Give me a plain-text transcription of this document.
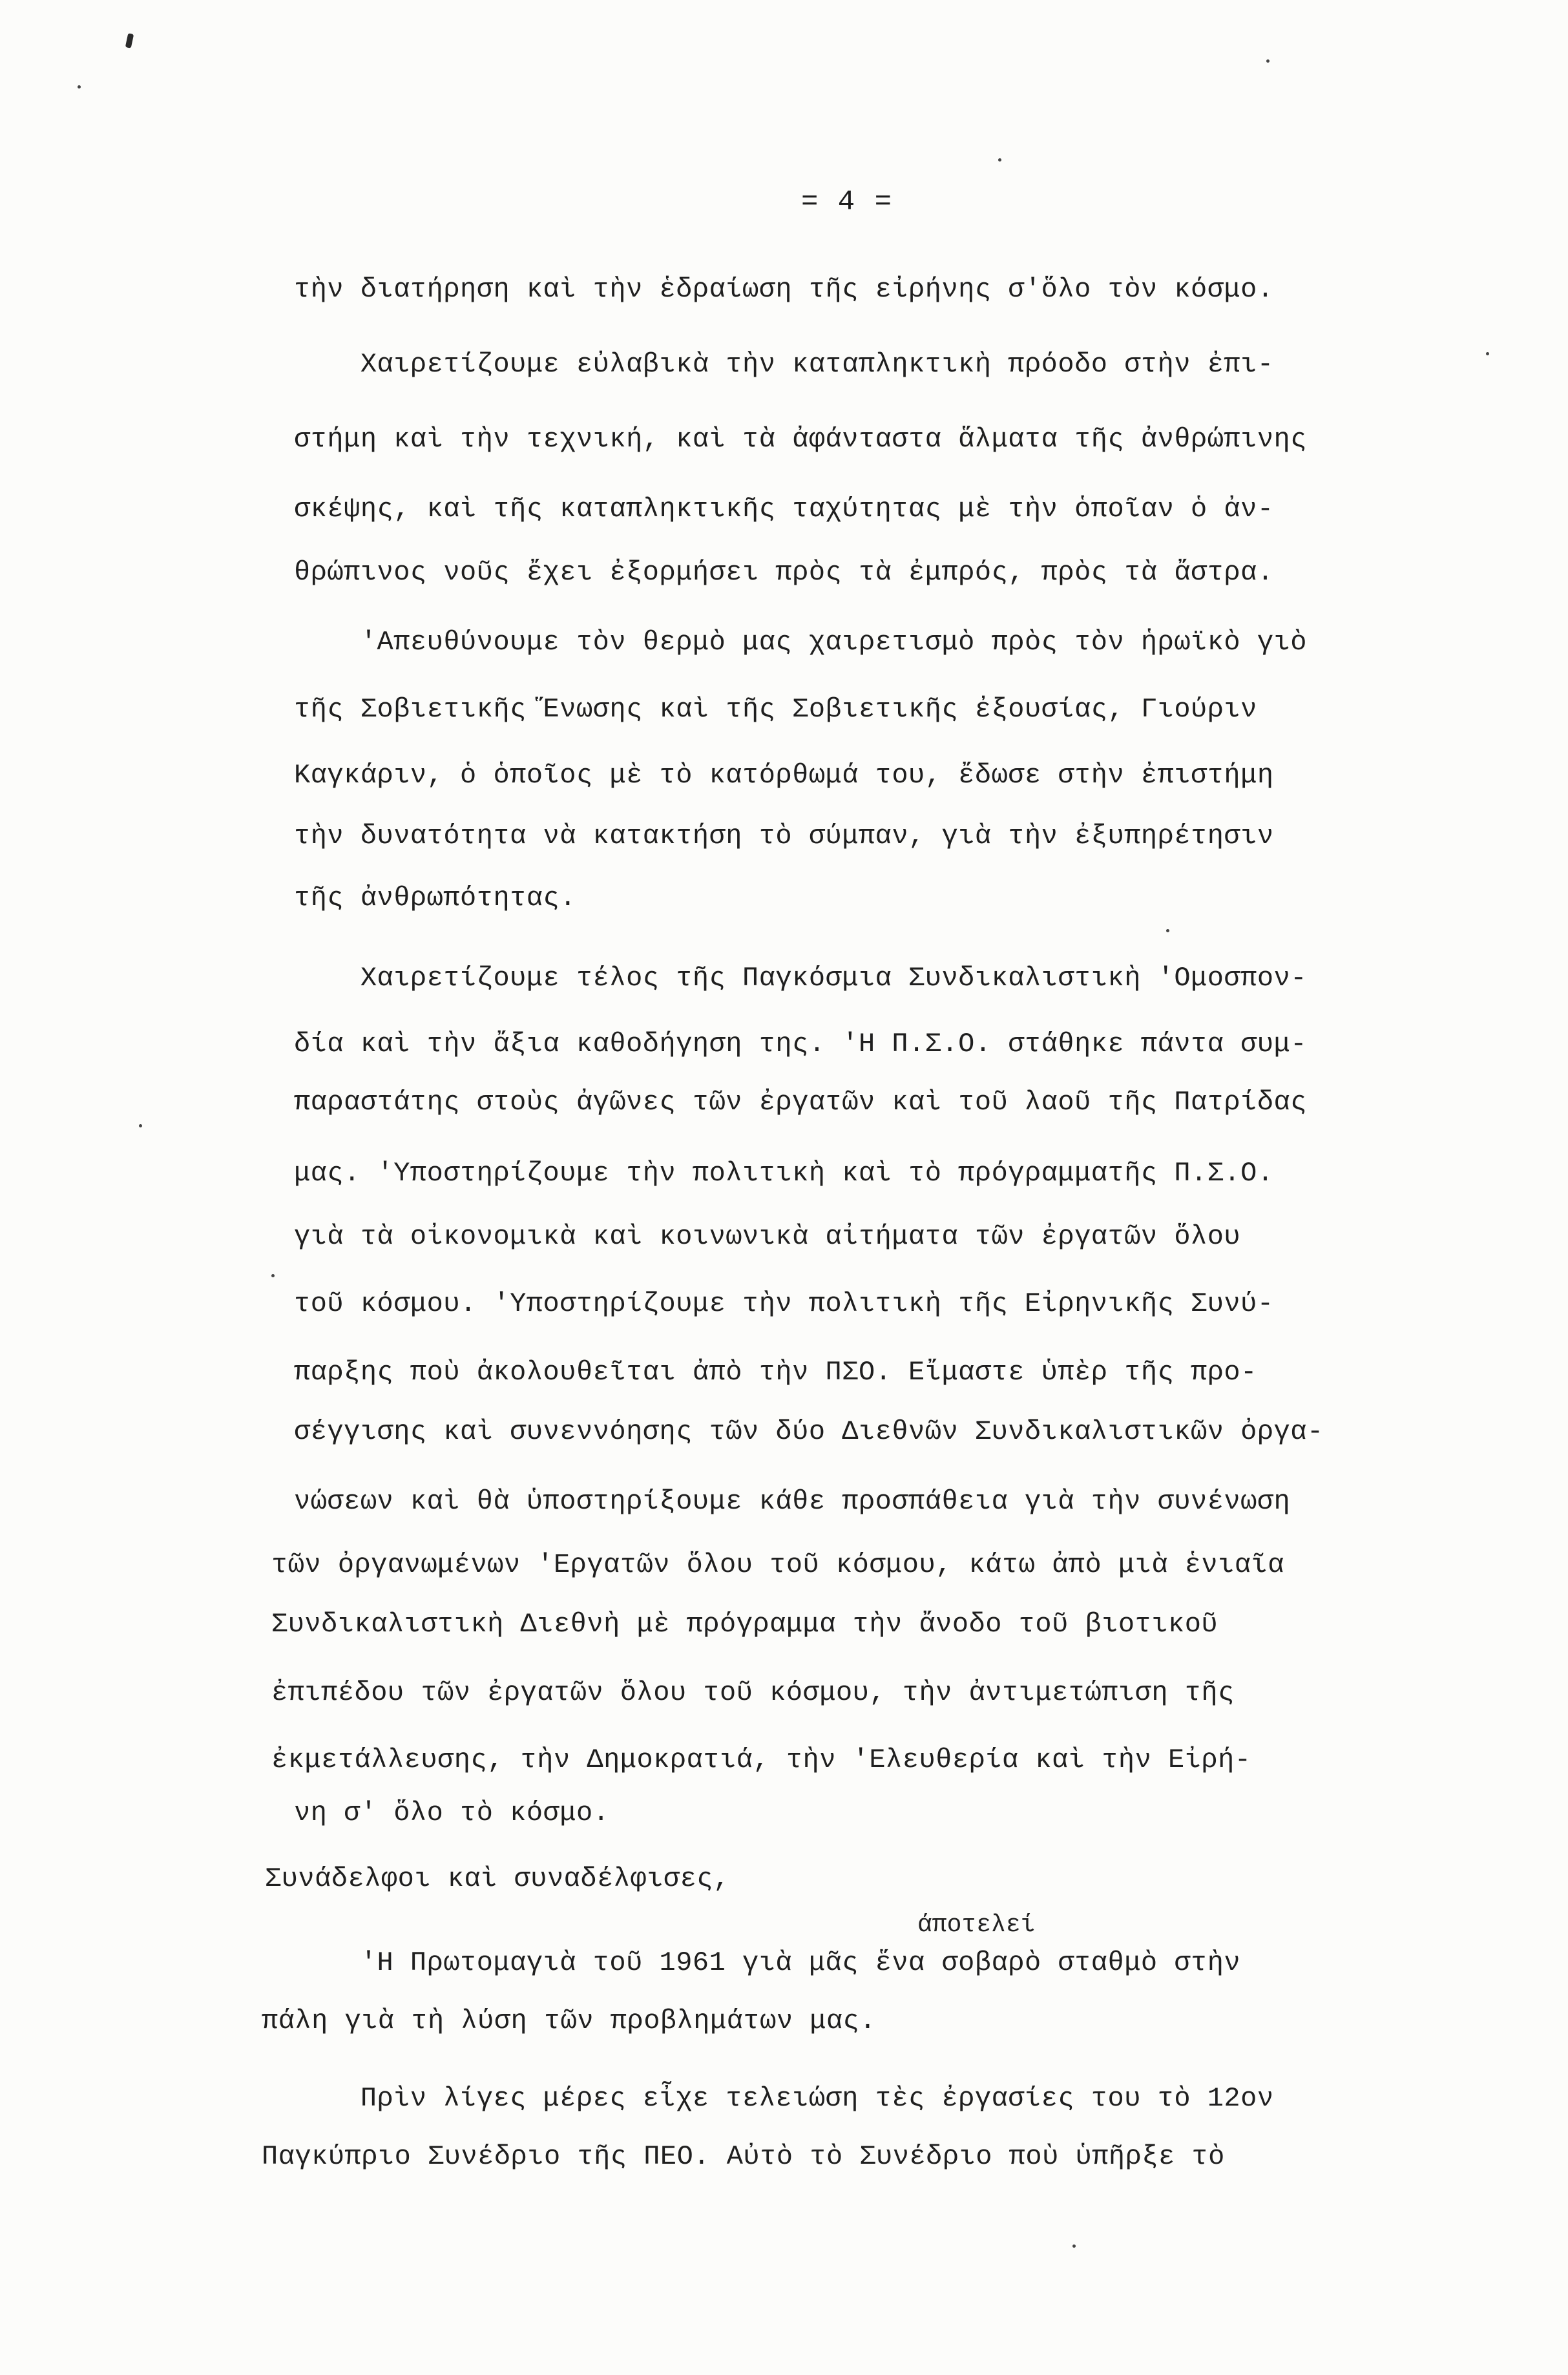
= 4 =
τὴν διατήρηση καὶ τὴν ἑδραίωση τῆς εἰρήνης σ'ὅλο τὸν κόσμο.
Χαιρετίζουμε εὐλαβικὰ τὴν καταπληκτικὴ πρόοδο στὴν ἐπι-
στήμη καὶ τὴν τεχνική, καὶ τὰ ἀφάνταστα ἅλματα τῆς ἀνθρώπινης
σκέψης, καὶ τῆς καταπληκτικῆς ταχύτητας μὲ τὴν ὁποῖαν ὁ ἀν-
θρώπινος νοῦς ἔχει ἐξορμήσει πρὸς τὰ ἐμπρός, πρὸς τὰ ἄστρα.
'Απευθύνουμε τὸν θερμὸ μας χαιρετισμὸ πρὸς τὸν ἡρωϊκὸ γιὸ
τῆς Σοβιετικῆς Ἕνωσης καὶ τῆς Σοβιετικῆς ἐξουσίας, Γιούριν
Καγκάριν, ὁ ὁποῖος μὲ τὸ κατόρθωμά του, ἔδωσε στὴν ἐπιστήμη
τὴν δυνατότητα νὰ κατακτήση τὸ σύμπαν, γιὰ τὴν ἐξυπηρέτησιν
τῆς ἀνθρωπότητας.
Χαιρετίζουμε τέλος τῆς Παγκόσμια Συνδικαλιστικὴ 'Ομοσπον-
δία καὶ τὴν ἄξια καθοδήγηση της. 'Η Π.Σ.Ο. στάθηκε πάντα συμ-
παραστάτης στοὺς ἀγῶνες τῶν ἐργατῶν καὶ τοῦ λαοῦ τῆς Πατρίδας
μας. 'Υποστηρίζουμε τὴν πολιτικὴ καὶ τὸ πρόγραμματῆς Π.Σ.Ο.
γιὰ τὰ οἰκονομικὰ καὶ κοινωνικὰ αἰτήματα τῶν ἐργατῶν ὅλου
τοῦ κόσμου. 'Υποστηρίζουμε τὴν πολιτικὴ τῆς Εἰρηνικῆς Συνύ-
παρξης ποὺ ἀκολουθεῖται ἀπὸ τὴν ΠΣΟ. Εἴμαστε ὑπὲρ τῆς προ-
σέγγισης καὶ συνεννόησης τῶν δύο Διεθνῶν Συνδικαλιστικῶν ὀργα-
νώσεων καὶ θὰ ὑποστηρίξουμε κάθε προσπάθεια γιὰ τὴν συνένωση
τῶν ὀργανωμένων 'Εργατῶν ὅλου τοῦ κόσμου, κάτω ἀπὸ μιὰ ἑνιαῖα
Συνδικαλιστικὴ Διεθνὴ μὲ πρόγραμμα τὴν ἄνοδο τοῦ βιοτικοῦ
ἐπιπέδου τῶν ἐργατῶν ὅλου τοῦ κόσμου, τὴν ἀντιμετώπιση τῆς
ἐκμετάλλευσης, τὴν Δημοκρατιά, τὴν 'Ελευθερία καὶ τὴν Εἰρή-
νη σ' ὅλο τὸ κόσμο.
Συνάδελφοι καὶ συναδέλφισες,
άποτελεί
'Η Πρωτομαγιὰ τοῦ 1961 γιὰ μᾶς ἕνα σοβαρὸ σταθμὸ στὴν
πάλη γιὰ τὴ λύση τῶν προβλημάτων μας.
Πρὶν λίγες μέρες εἶχε τελειώση τὲς ἐργασίες του τὸ 12ον
Παγκύπριο Συνέδριο τῆς ΠΕΟ. Αὐτὸ τὸ Συνέδριο ποὺ ὑπῆρξε τὸ
